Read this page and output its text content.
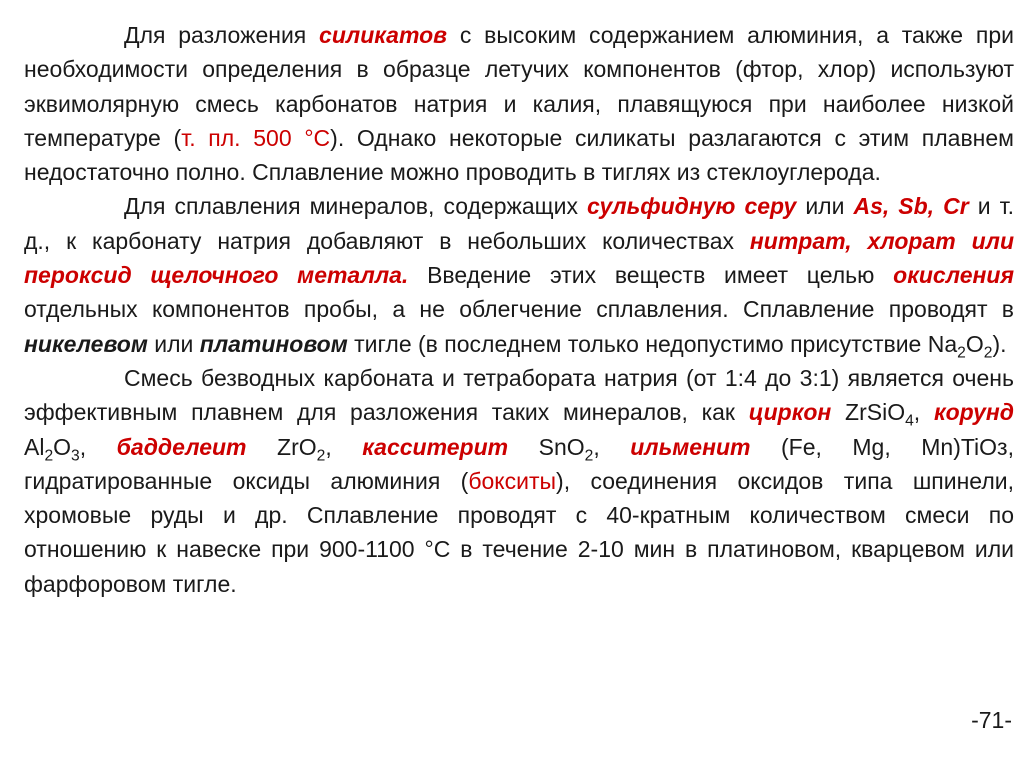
Для разложения силикатов с высоким содержанием алюминия, а также при необходимости определения в образце летучих компонентов (фтор, хлор) используют эквимолярную смесь карбонатов натрия и калия, плавящуюся при наиболее низкой температуре (т. пл. 500 °С). Однако некоторые силикаты разлагаются с этим плавнем недостаточно полно. Сплавление можно проводить в тиглях из стеклоуглерода.

Для сплавления минералов, содержащих сульфидную серу или As, Sb, Cr и т. д., к карбонату натрия добавляют в небольших количествах нитрат, хлорат или пероксид щелочного металла. Введение этих веществ имеет целью окисления отдельных компонентов пробы, а не облегчение сплавления. Сплавление проводят в никелевом или платиновом тигле (в последнем только недопустимо присутствие $Na_2O_2$).

Смесь безводных карбоната и тетрабората натрия (от 1:4 до 3:1) является очень эффективным плавнем для разложения таких минералов, как циркон ZrSiO$_4$, корунд $Al_2O_3$, бадделеит ZrO$_2$, касситерит SnO$_2$, ильменит (Fe, Mg, Mn)TiOз, гидратированные оксиды алюминия (бокситы), соединения оксидов типа шпинели, хромовые руды и др. Сплавление проводят с 40-кратным количеством смеси по отношению к навеске при 900-1100 °С в течение 2-10 мин в платиновом, кварцевом или фарфоровом тигле.

-71-
